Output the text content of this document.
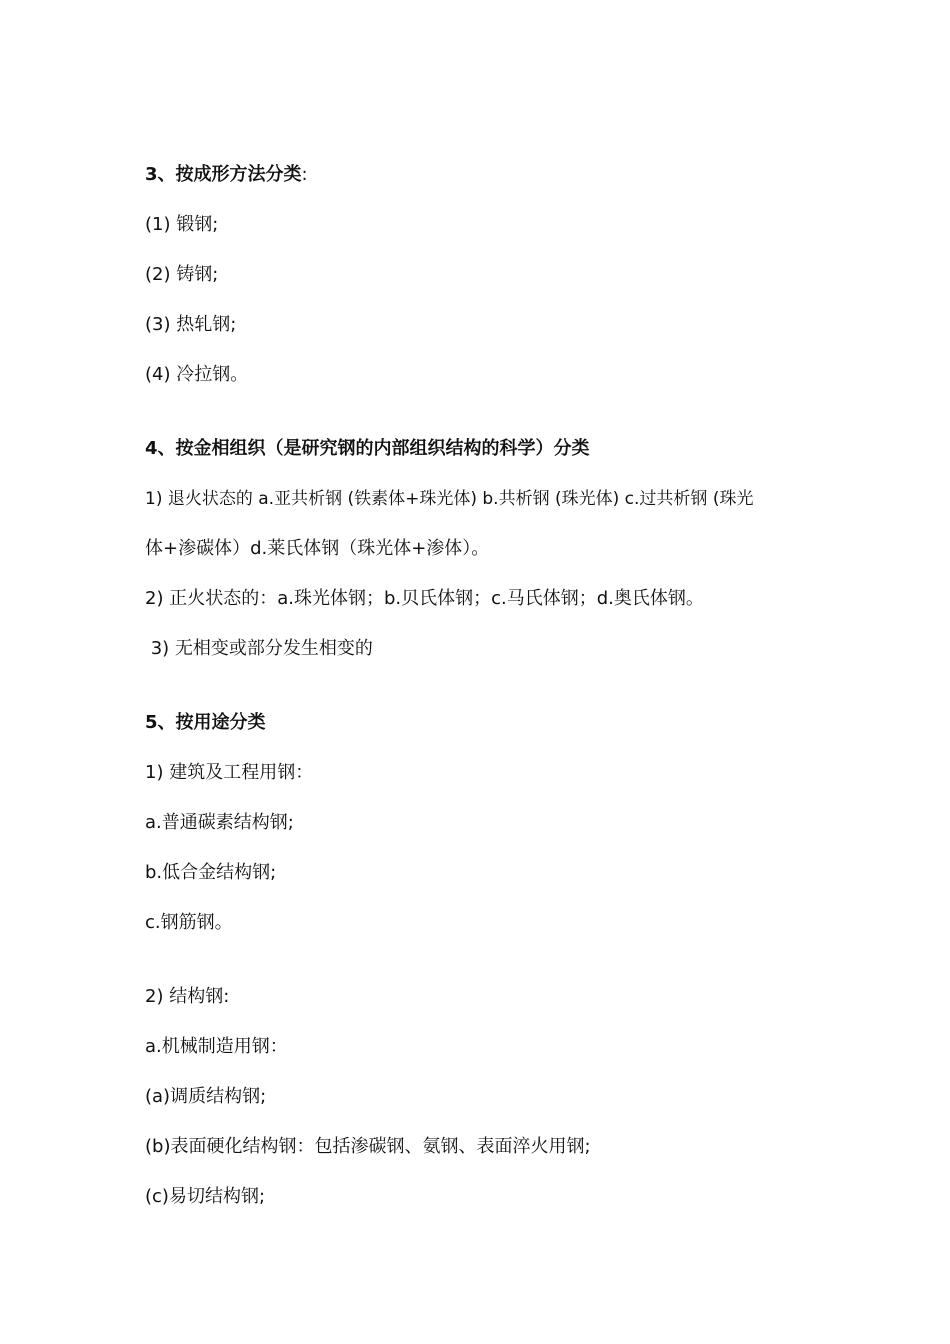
3、按成形方法分类:
(1) 锻钢;
(2) 铸钢;
(3) 热轧钢;
(4) 冷拉钢。
4、按金相组织（是研究钢的内部组织结构的科学）分类
1) 退火状态的 a.亚共析钢 (铁素体+珠光体) b.共析钢 (珠光体) c.过共析钢 (珠光
体+渗碳体）d.莱氏体钢（珠光体+渗体）。
2) 正火状态的：a.珠光体钢；b.贝氏体钢；c.马氏体钢；d.奥氏体钢。
3) 无相变或部分发生相变的
5、按用途分类
1) 建筑及工程用钢：
a.普通碳素结构钢;
b.低合金结构钢;
c.钢筋钢。
2) 结构钢:
a.机械制造用钢：
(a)调质结构钢;
(b)表面硬化结构钢：包括渗碳钢、氨钢、表面淬火用钢;
(c)易切结构钢;
